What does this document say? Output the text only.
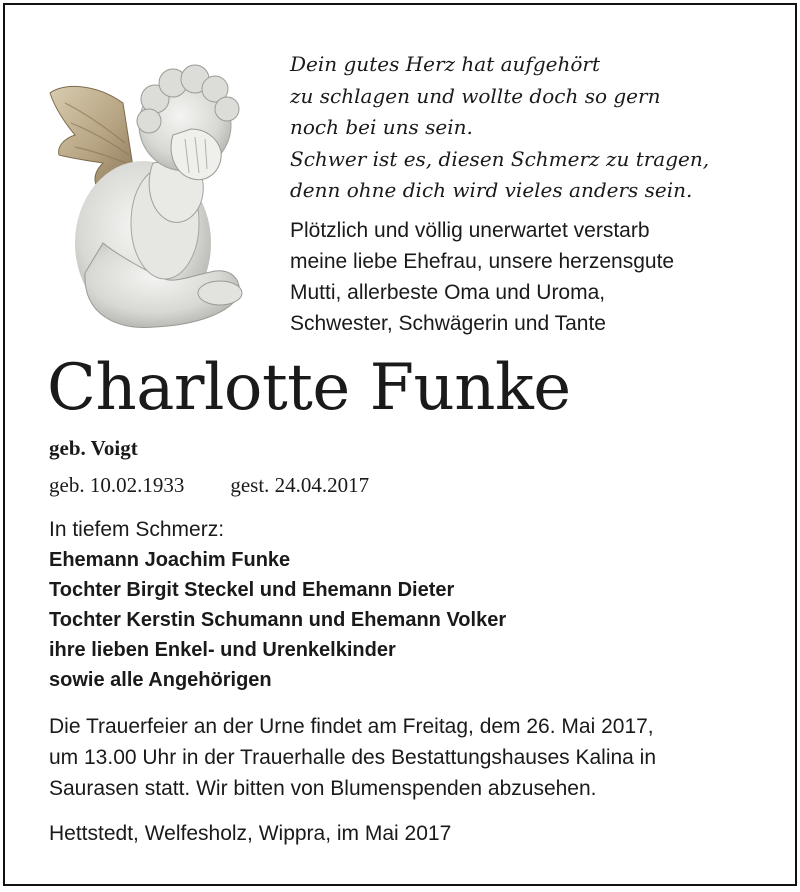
Dein gutes Herz hat aufgehört
zu schlagen und wollte doch so gern
noch bei uns sein.
Schwer ist es, diesen Schmerz zu tragen,
denn ohne dich wird vieles anders sein.
Plötzlich und völlig unerwartet verstarb
meine liebe Ehefrau, unsere herzensgute
Mutti, allerbeste Oma und Uroma,
Schwester, Schwägerin und Tante
Charlotte Funke
geb. Voigt
geb. 10.02.1933 gest. 24.04.2017
In tiefem Schmerz:
Ehemann Joachim Funke
Tochter Birgit Steckel und Ehemann Dieter
Tochter Kerstin Schumann und Ehemann Volker
ihre lieben Enkel- und Urenkelkinder
sowie alle Angehörigen
Die Trauerfeier an der Urne findet am Freitag, dem 26. Mai 2017,
um 13.00 Uhr in der Trauerhalle des Bestattungshauses Kalina in
Saurasen statt. Wir bitten von Blumenspenden abzusehen.
Hettstedt, Welfesholz, Wippra, im Mai 2017
